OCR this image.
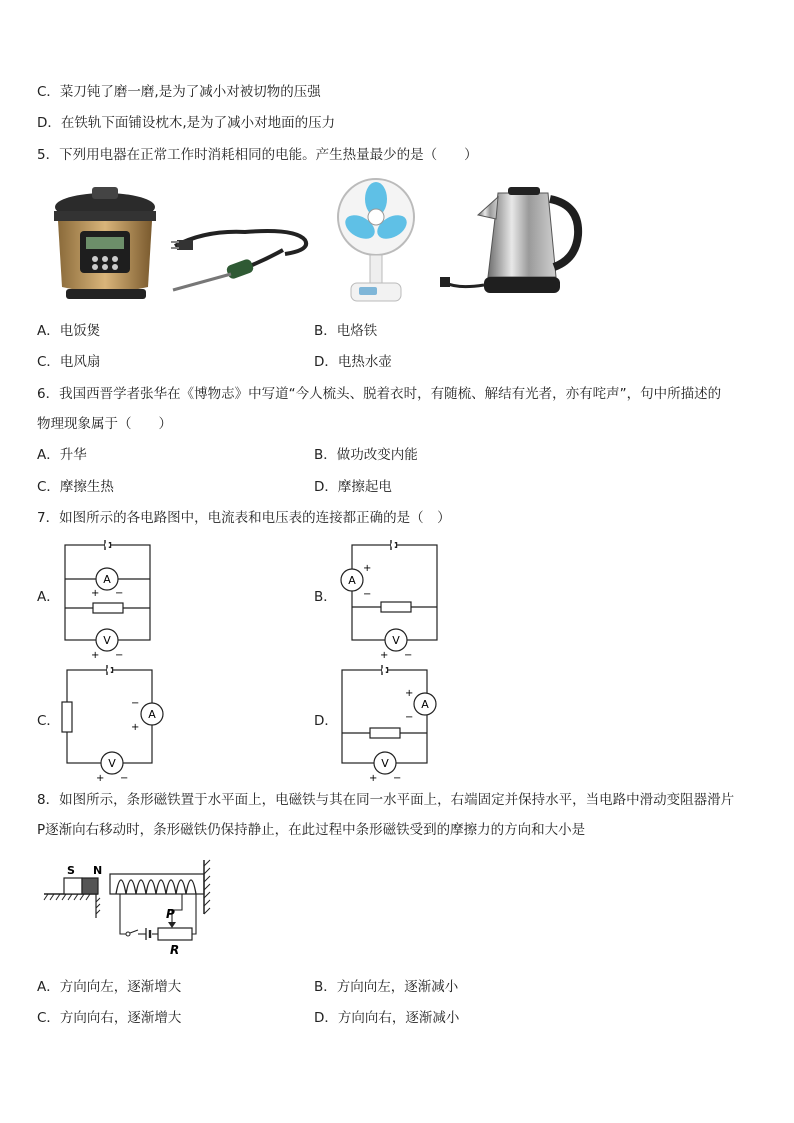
C．菜刀钝了磨一磨,是为了减小对被切物的压强
D．在铁轨下面铺设枕木,是为了减小对地面的压力
5．下列用电器在正常工作时消耗相同的电能。产生热量最少的是（　　）
A．电饭煲	B．电烙铁
C．电风扇	D．电热水壶
6．我国西晋学者张华在《博物志》中写道“今人梳头、脱着衣时，有随梳、解结有光者，亦有咤声”，句中所描述的
物理现象属于（　　）
A．升华	B．做功改变内能
C．摩擦生热	D．摩擦起电
7．如图所示的各电路图中，电流表和电压表的连接都正确的是（　）
A．	B．
C．	D．
A
+ −
V
+ −
A
+
−
V
+ −
A
−
+
V
+ −
A
+
−
V
+ −
8．如图所示，条形磁铁置于水平面上，电磁铁与其在同一水平面上，右端固定并保持水平，当电路中滑动变阻器滑片
P逐渐向右移动时，条形磁铁仍保持静止，在此过程中条形磁铁受到的摩擦力的方向和大小是
S N
P
R
A．方向向左，逐渐增大	B．方向向左，逐渐减小
C．方向向右，逐渐增大	D．方向向右，逐渐减小
